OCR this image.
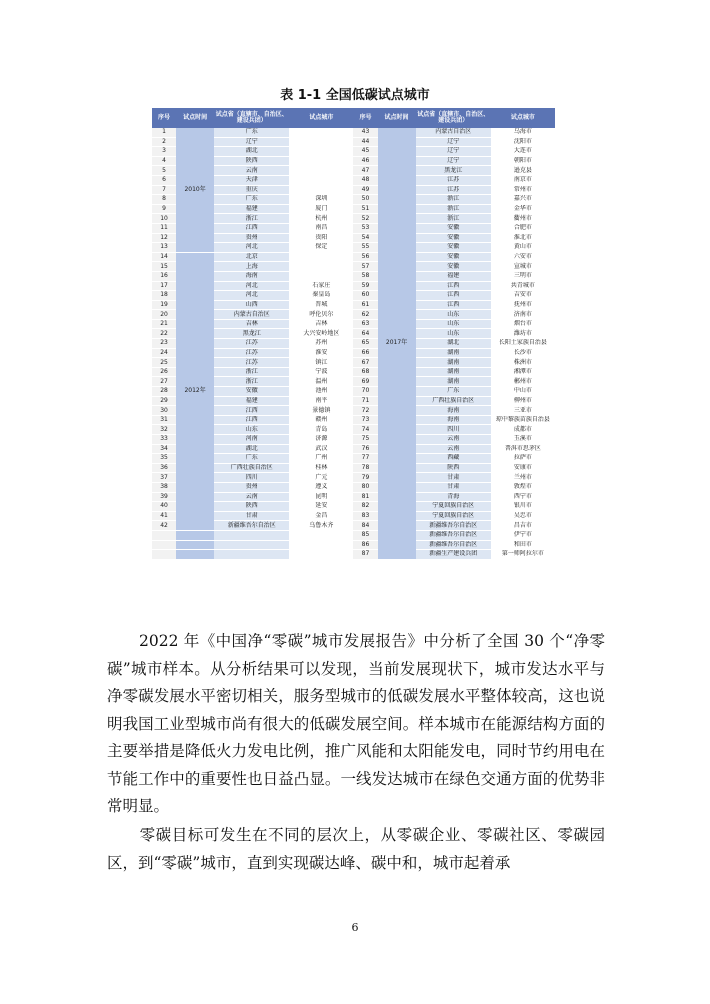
表 1-1 全国低碳试点城市
序号	试点时间	试点省（直辖市、自治区、建设兵团）	试点城市	序号	试点时间	试点省（直辖市、自治区、建设兵团）	试点城市
1	2010年	广东		43	2017年	内蒙古自治区	乌海市
2		辽宁		44		辽宁	沈阳市
3		湖北		45		辽宁	大连市
4		陕西		46		辽宁	朝阳市
5		云南		47		黑龙江	逊克县
6		天津		48		江苏	南京市
7		重庆		49		江苏	常州市
8		广东	深圳	50		浙江	嘉兴市
9		福建	厦门	51		浙江	金华市
10		浙江	杭州	52		浙江	衢州市
11		江西	南昌	53		安徽	合肥市
12		贵州	贵阳	54		安徽	淮北市
13		河北	保定	55		安徽	黄山市
14	2012年	北京		56		安徽	六安市
15		上海		57		安徽	宣城市
16		海南		58		福建	三明市
17		河北	石家庄	59		江西	共青城市
18		河北	秦皇岛	60		江西	吉安市
19		山西	晋城	61		江西	抚州市
20		内蒙古自治区	呼伦贝尔	62		山东	济南市
21		吉林	吉林	63		山东	烟台市
22		黑龙江	大兴安岭地区	64		山东	潍坊市
23		江苏	苏州	65		湖北	长阳土家族自治县
24		江苏	淮安	66		湖南	长沙市
25		江苏	镇江	67		湖南	株洲市
26		浙江	宁波	68		湖南	湘潭市
27		浙江	温州	69		湖南	郴州市
28		安徽	池州	70		广东	中山市
29		福建	南平	71		广西壮族自治区	柳州市
30		江西	景德镇	72		海南	三亚市
31		江西	赣州	73		海南	琼中黎族苗族自治县
32		山东	青岛	74		四川	成都市
33		河南	济源	75		云南	玉溪市
34		湖北	武汉	76		云南	普洱市思茅区
35		广东	广州	77		西藏	拉萨市
36		广西壮族自治区	桂林	78		陕西	安康市
37		四川	广元	79		甘肃	兰州市
38		贵州	遵义	80		甘肃	敦煌市
39		云南	昆明	81		青海	西宁市
40		陕西	延安	82		宁夏回族自治区	银川市
41		甘肃	金昌	83		宁夏回族自治区	吴忠市
42		新疆维吾尔自治区	乌鲁木齐	84		新疆维吾尔自治区	昌吉市
				85		新疆维吾尔自治区	伊宁市
				86		新疆维吾尔自治区	和田市
				87		新疆生产建设兵团	第一师阿拉尔市

2022 年《中国净“零碳”城市发展报告》中分析了全国 30 个“净零碳”城市样本。从分析结果可以发现，当前发展现状下，城市发达水平与净零碳发展水平密切相关，服务型城市的低碳发展水平整体较高，这也说明我国工业型城市尚有很大的低碳发展空间。样本城市在能源结构方面的主要举措是降低火力发电比例，推广风能和太阳能发电，同时节约用电在节能工作中的重要性也日益凸显。一线发达城市在绿色交通方面的优势非常明显。

零碳目标可发生在不同的层次上，从零碳企业、零碳社区、零碳园区，到“零碳”城市，直到实现碳达峰、碳中和，城市起着承

6
